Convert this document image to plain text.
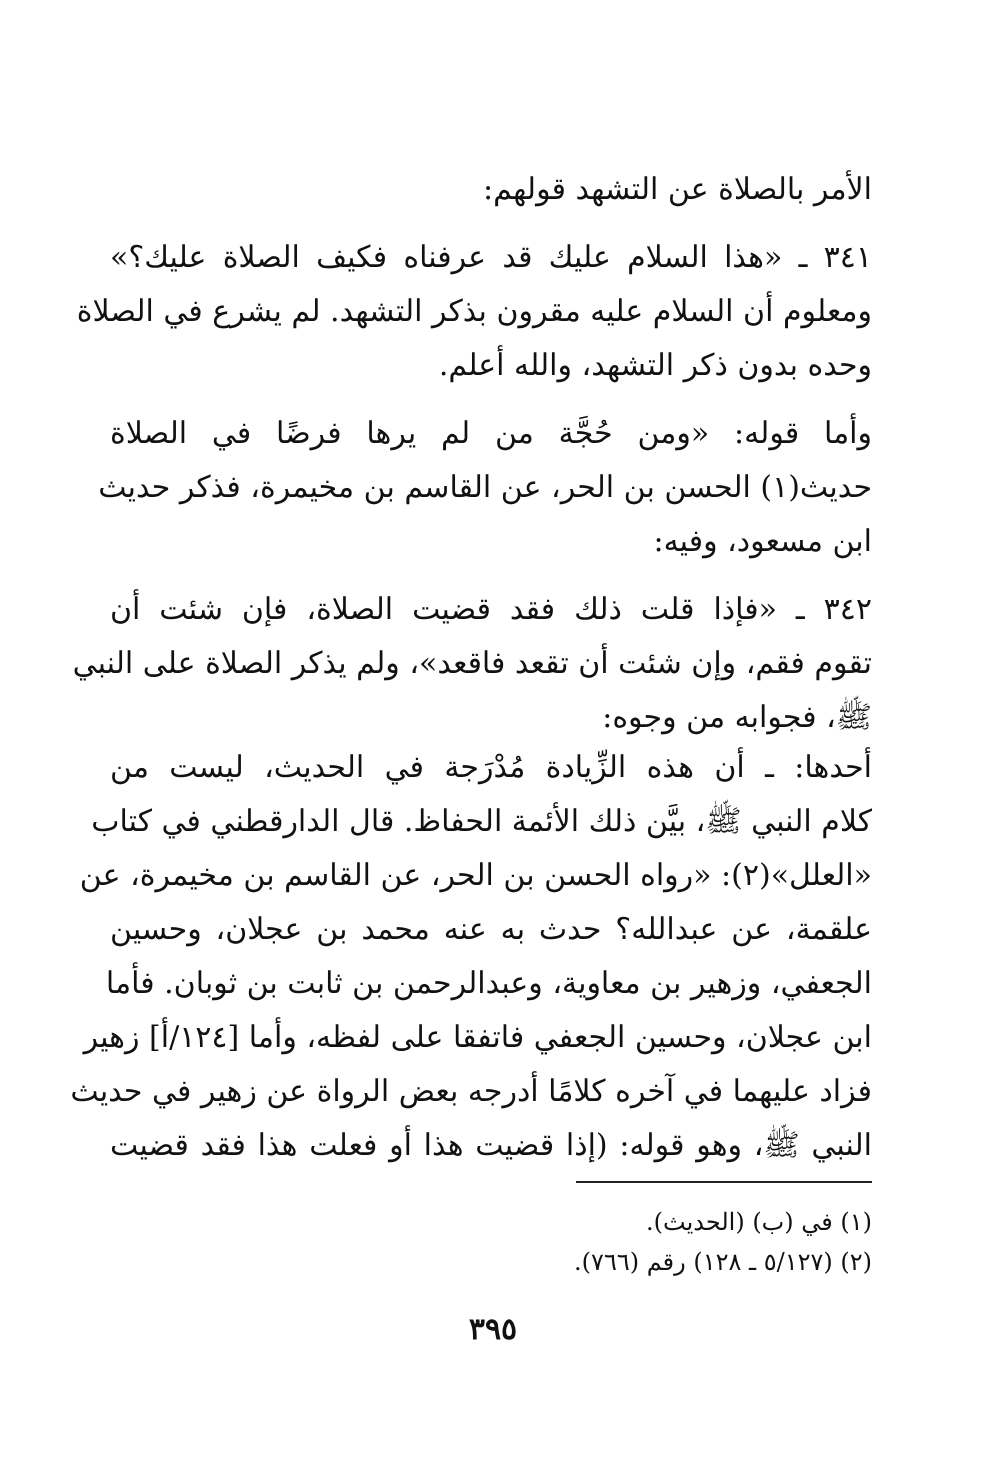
الأمر بالصلاة عن التشهد قولهم:
٣٤١ ـ «هذا السلام عليك قد عرفناه فكيف الصلاة عليك؟»
ومعلوم أن السلام عليه مقرون بذكر التشهد. لم يشرع في الصلاة
وحده بدون ذكر التشهد، والله أعلم.
وأما قوله: «ومن حُجَّة من لم يرها فرضًا في الصلاة
حديث(١) الحسن بن الحر، عن القاسم بن مخيمرة، فذكر حديث
ابن مسعود، وفيه:
٣٤٢ ـ «فإذا قلت ذلك فقد قضيت الصلاة، فإن شئت أن
تقوم فقم، وإن شئت أن تقعد فاقعد»، ولم يذكر الصلاة على النبي
ﷺ، فجوابه من وجوه:
أحدها: ـ أن هذه الزِّيادة مُدْرَجة في الحديث، ليست من
كلام النبي ﷺ، بيَّن ذلك الأئمة الحفاظ. قال الدارقطني في كتاب
«العلل»(٢): «رواه الحسن بن الحر، عن القاسم بن مخيمرة، عن
علقمة، عن عبدالله؟ حدث به عنه محمد بن عجلان، وحسين
الجعفي، وزهير بن معاوية، وعبدالرحمن بن ثابت بن ثوبان. فأما
ابن عجلان، وحسين الجعفي فاتفقا على لفظه، وأما [١٢٤/أ] زهير
فزاد عليهما في آخره كلامًا أدرجه بعض الرواة عن زهير في حديث
النبي ﷺ، وهو قوله: (إذا قضيت هذا أو فعلت هذا فقد قضيت
(١) في (ب) (الحديث).
(٢) (٥/١٢٧ ـ ١٢٨) رقم (٧٦٦).
٣٩٥
